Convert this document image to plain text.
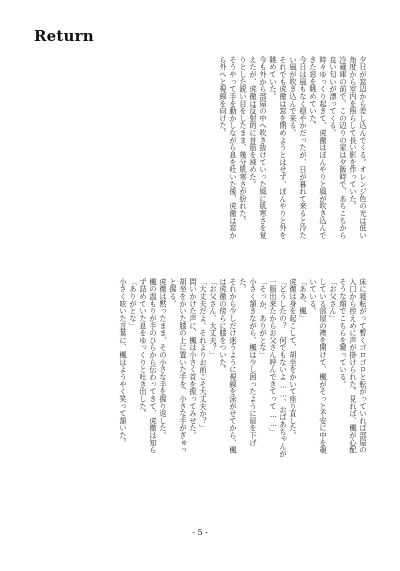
Return

夕日が窓辺から差し込んでくる。オレンジ色の光は低い角度から室内を照らして長い影を作っていた。
冷蔵庫の前で、この辺りの家は夕飯時で、あちこちから良い匂いが漂ってくる。
時々ゆっくり起きて、虎徹はぼんやりと風が吹き込んできた窓を眺めていた。
今日は風もなく穏やかだったが、日が暮れて来ると冷たい風が吹き込んで来る。
それでも虎徹は窓を閉めようとはせず、ぼんやりと外を眺めていた。
今も外から部屋の中へ吹き抜けていった風に肌寒さを覚えたが、虎徹は反射的に首筋を竦めた。
りとした鋭い目をしたまま、幾分肌寒さが紛れた。
そうやって手を動かしながら息を吐いた後、虎徹は窓から外へと視線を向けた。

床に寝転がって暫くゴロゴロと転がっていれば部屋の入口から控えめに声が掛けられた。見れば、楓が心配そうな顔でこちらを窺っている。
「お父さん」
している部屋の襖を開けて、楓がそっと不安に中を覗いている。
「ああ、楓」
虎徹は身を起こして、胡坐をかいて座り直した。
「どうしたの？　何でもないよ……、おばあちゃんが一服出来たからお父さん呼んできてって……」
「そっか、ありがとな」
小さく頷きながら、楓は少し困ったように眉を下げた。
それから少しだけ迷うように視線を泳がせてから、楓は虎徹の傍らに膝をついた。
「お父さん、大丈夫？」
「大丈夫だよ。それよりお前こそ大丈夫か？」
問いかけた声に、楓は小さく首を振ってみせた。
胡坐をかいた膝の上に置いた手を、小さな手がぎゅっと握る。
虎徹は黙ったまま、その小さな手を握り返した。
楓の温もりが手のひらから伝わってきて、虎徹は知らず詰めていた息をゆっくりと吐き出した。
「ありがとな」
小さく呟いた言葉に、楓はようやく笑って頷いた。

- 5 -
